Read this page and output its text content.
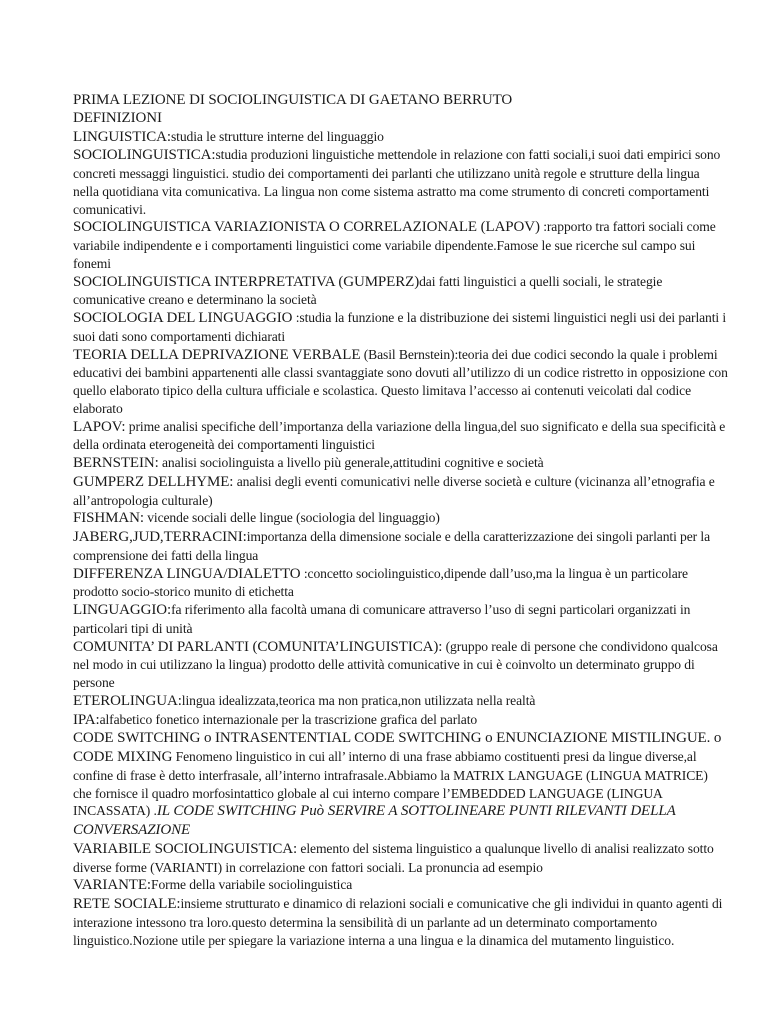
PRIMA LEZIONE DI SOCIOLINGUISTICA DI GAETANO BERRUTO

DEFINIZIONI

LINGUISTICA:studia le strutture interne del linguaggio

SOCIOLINGUISTICA:studia produzioni linguistiche mettendole in relazione con fatti sociali,i suoi dati empirici sono concreti messaggi linguistici. studio dei comportamenti dei parlanti che utilizzano unità regole e strutture della lingua nella quotidiana vita comunicativa. La lingua non come sistema astratto ma come strumento di concreti comportamenti comunicativi.

SOCIOLINGUISTICA VARIAZIONISTA O CORRELAZIONALE (LAPOV) :rapporto tra fattori sociali come variabile indipendente e i comportamenti linguistici come variabile dipendente.Famose le sue ricerche sul campo sui fonemi

SOCIOLINGUISTICA INTERPRETATIVA (GUMPERZ)dai fatti linguistici a quelli sociali, le strategie comunicative creano e determinano la società

SOCIOLOGIA DEL LINGUAGGIO :studia la funzione e la distribuzione dei sistemi linguistici negli usi dei parlanti i suoi dati sono comportamenti dichiarati

TEORIA DELLA DEPRIVAZIONE VERBALE (Basil Bernstein):teoria dei due codici secondo la quale i problemi educativi dei bambini appartenenti alle classi svantaggiate sono dovuti all’utilizzo di un codice ristretto in opposizione con quello elaborato tipico della cultura ufficiale e scolastica. Questo limitava l’accesso ai contenuti veicolati dal codice elaborato

LAPOV: prime analisi specifiche dell’importanza della variazione della lingua,del suo significato e della sua specificità e della ordinata eterogeneità dei comportamenti linguistici

BERNSTEIN: analisi sociolinguista a livello più generale,attitudini cognitive e società

GUMPERZ DELLHYME: analisi degli eventi comunicativi nelle diverse società e culture (vicinanza all’etnografia e all’antropologia culturale)

FISHMAN: vicende sociali delle lingue (sociologia del linguaggio)

JABERG,JUD,TERRACINI:importanza della dimensione sociale e della caratterizzazione dei singoli parlanti per la comprensione dei fatti della lingua

DIFFERENZA LINGUA/DIALETTO :concetto sociolinguistico,dipende dall’uso,ma la lingua è un particolare prodotto socio-storico munito di etichetta

LINGUAGGIO:fa riferimento alla facoltà umana di comunicare attraverso l’uso di segni particolari organizzati in particolari tipi di unità

COMUNITA’ DI PARLANTI (COMUNITA’LINGUISTICA): (gruppo reale di persone che condividono qualcosa nel modo in cui utilizzano la lingua) prodotto delle attività comunicative in cui è coinvolto un determinato gruppo di persone

ETEROLINGUA:lingua idealizzata,teorica ma non pratica,non utilizzata nella realtà

IPA:alfabetico fonetico internazionale per la trascrizione grafica del parlato

CODE SWITCHING o INTRASENTENTIAL CODE SWITCHING o ENUNCIAZIONE MISTILINGUE. o CODE MIXING Fenomeno linguistico in cui all’ interno di una frase abbiamo costituenti presi da lingue diverse,al confine di frase è detto interfrasale, all’interno intrafrasale.Abbiamo la MATRIX LANGUAGE (LINGUA MATRICE) che fornisce il quadro morfosintattico globale al cui interno compare l’EMBEDDED LANGUAGE (LINGUA INCASSATA) .IL CODE SWITCHING Può SERVIRE A SOTTOLINEARE PUNTI RILEVANTI DELLA CONVERSAZIONE

VARIABILE SOCIOLINGUISTICA: elemento del sistema linguistico a qualunque livello di analisi realizzato sotto diverse forme (VARIANTI) in correlazione con fattori sociali. La pronuncia ad esempio

VARIANTE:Forme della variabile sociolinguistica

RETE SOCIALE:insieme strutturato e dinamico di relazioni sociali e comunicative che gli individui in quanto agenti di interazione intessono tra loro.questo determina la sensibilità di un parlante ad un determinato comportamento linguistico.Nozione utile per spiegare la variazione interna a una lingua e la dinamica del mutamento linguistico.
